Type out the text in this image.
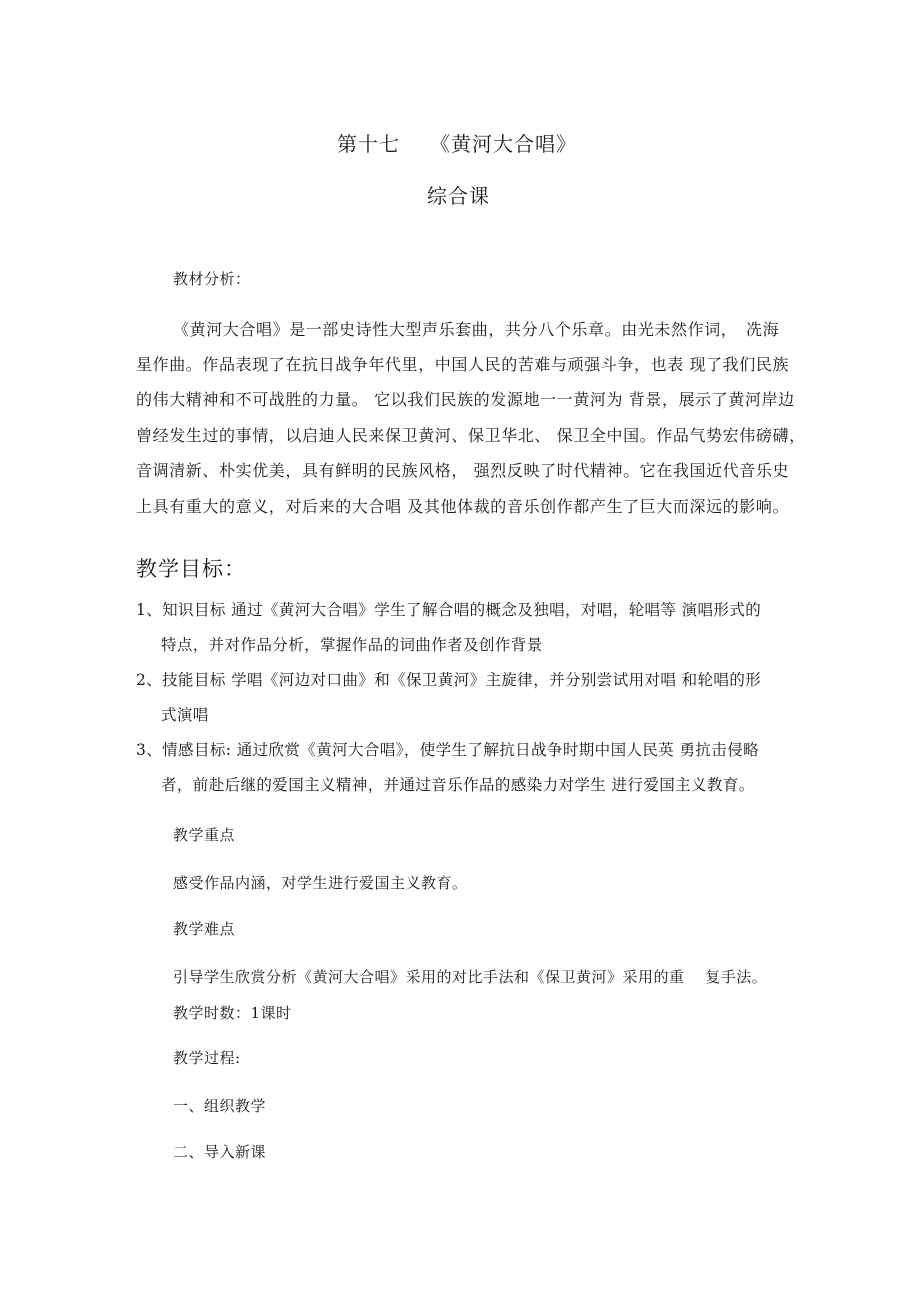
第十七 《黄河大合唱》
综合课
教材分析：
《黄河大合唱》是一部史诗性大型声乐套曲，共分八个乐章。由光未然作词，　冼海
星作曲。作品表现了在抗日战争年代里，中国人民的苦难与顽强斗争，也表 现了我们民族
的伟大精神和不可战胜的力量。 它以我们民族的发源地一一黄河为 背景，展示了黄河岸边
曾经发生过的事情，以启迪人民来保卫黄河、保卫华北、 保卫全中国。作品气势宏伟磅礴，
音调清新、朴实优美，具有鲜明的民族风格， 强烈反映了时代精神。它在我国近代音乐史
上具有重大的意义，对后来的大合唱 及其他体裁的音乐创作都产生了巨大而深远的影响。
教学目标：
1、知识目标 通过《黄河大合唱》学生了解合唱的概念及独唱，对唱，轮唱等 演唱形式的
特点，并对作品分析，掌握作品的词曲作者及创作背景
2、技能目标 学唱《河边对口曲》和《保卫黄河》主旋律，并分别尝试用对唱 和轮唱的形
式演唱
3、情感目标: 通过欣赏《黄河大合唱》，使学生了解抗日战争时期中国人民英 勇抗击侵略
者，前赴后继的爱国主义精神，并通过音乐作品的感染力对学生 进行爱国主义教育。
教学重点
感受作品内涵，对学生进行爱国主义教育。
教学难点
引导学生欣赏分析《黄河大合唱》采用的对比手法和《保卫黄河》采用的重　 复手法。
教学时数：1课时
教学过程:
一、组织教学
二、导入新课
